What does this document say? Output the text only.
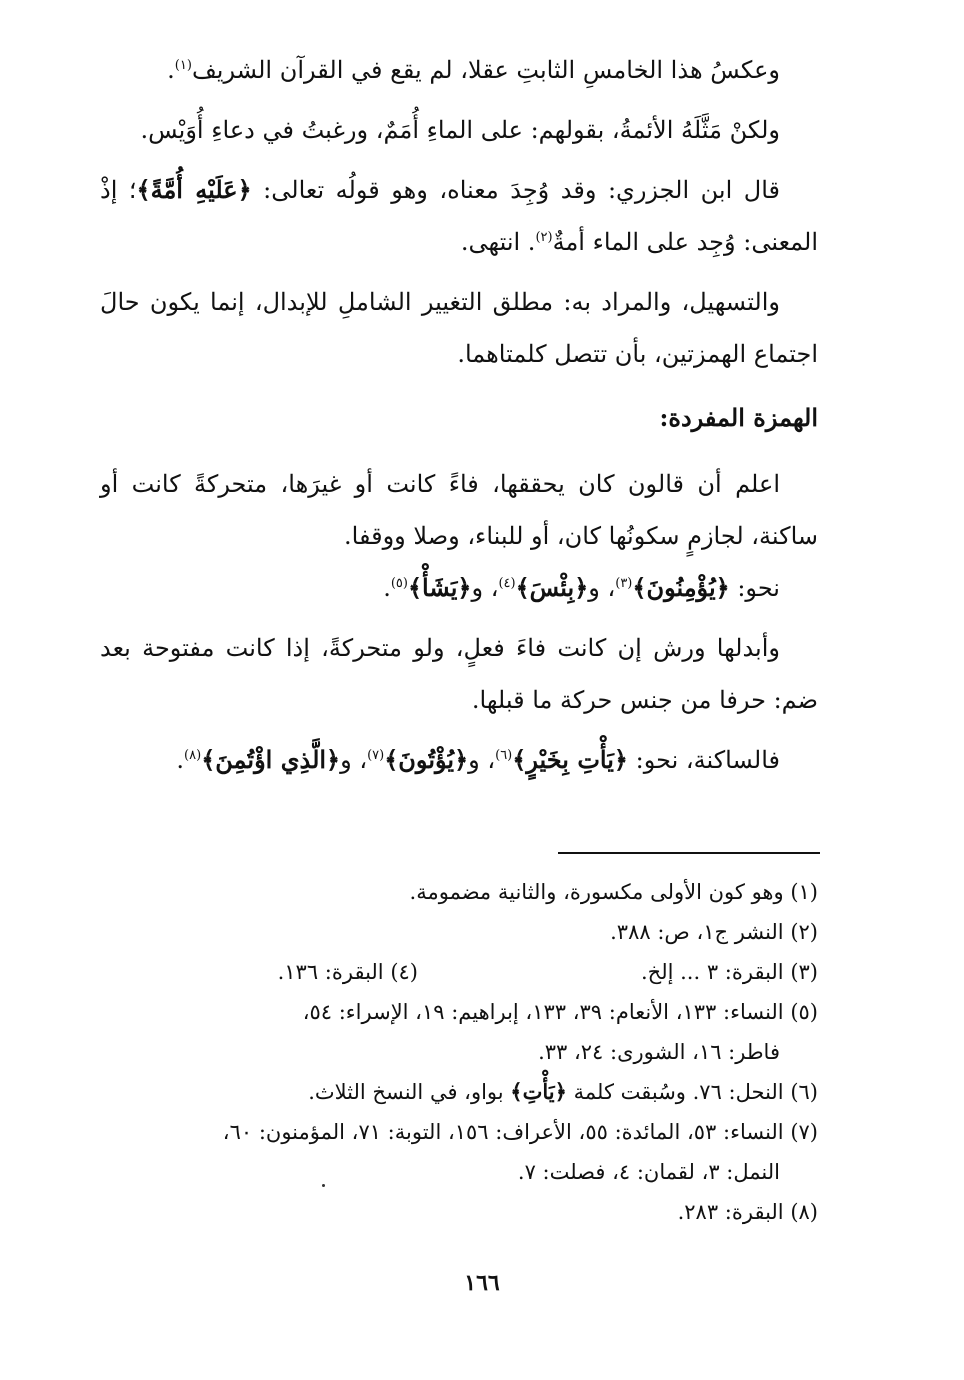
وعكسُ هذا الخامسِ الثابتِ عقلا، لم يقع في القرآن الشريف$^{(١)}$.

ولكنْ مَثَّلَهُ الأئمةُ، بقولهم: على الماءِ أُمَمٌ، ورغبتُ في دعاءِ أُوَيْس.

قال ابن الجزري: وقد وُجِدَ معناه، وهو قولُه تعالى: ﴿عَلَيْهِ أُمَّةً﴾؛ إذْ المعنى: وُجِد على الماء أمةٌ$^{(٢)}$. انتهى.

والتسهيل، والمراد به: مطلق التغيير الشاملِ للإبدال، إنما يكون حالَ اجتماع الهمزتين، بأن تتصل كلمتاهما.

الهمزة المفردة:

اعلم أن قالون كان يحققها، فاءً كانت أو غيرَها، متحركةً كانت أو ساكنة، لجازمٍ سكونُها كان، أو للبناء، وصلا ووقفا.

نحو: ﴿يُؤْمِنُونَ﴾$^{(٣)}$، و﴿بِئْسَ﴾$^{(٤)}$، و﴿يَشَأْ﴾$^{(٥)}$.

وأبدلها ورش إن كانت فاءَ فعلٍ، ولو متحركةً، إذا كانت مفتوحة بعد ضم: حرفا من جنس حركة ما قبلها.

فالساكنة، نحو: ﴿يَأْتِ بِخَيْرٍ﴾$^{(٦)}$، و﴿يُؤْتُونَ﴾$^{(٧)}$، و﴿الَّذِي اؤْتُمِنَ﴾$^{(٨)}$.

(١) وهو كون الأولى مكسورة، والثانية مضمومة.

(٢) النشر ج١، ص: ٣٨٨.

(٣) البقرة: ٣ ... إلخ.

(٤) البقرة: ١٣٦.

(٥) النساء: ١٣٣، الأنعام: ٣٩، ١٣٣، إبراهيم: ١٩، الإسراء: ٥٤،

فاطر: ١٦، الشورى: ٢٤، ٣٣.

(٦) النحل: ٧٦. وسُبقت كلمة ﴿يَأْتِ﴾ بواو، في النسخ الثلاث.

(٧) النساء: ٥٣، المائدة: ٥٥، الأعراف: ١٥٦، التوبة: ٧١، المؤمنون: ٦٠،

النمل: ٣، لقمان: ٤، فصلت: ٧.

(٨) البقرة: ٢٨٣.

١٦٦
